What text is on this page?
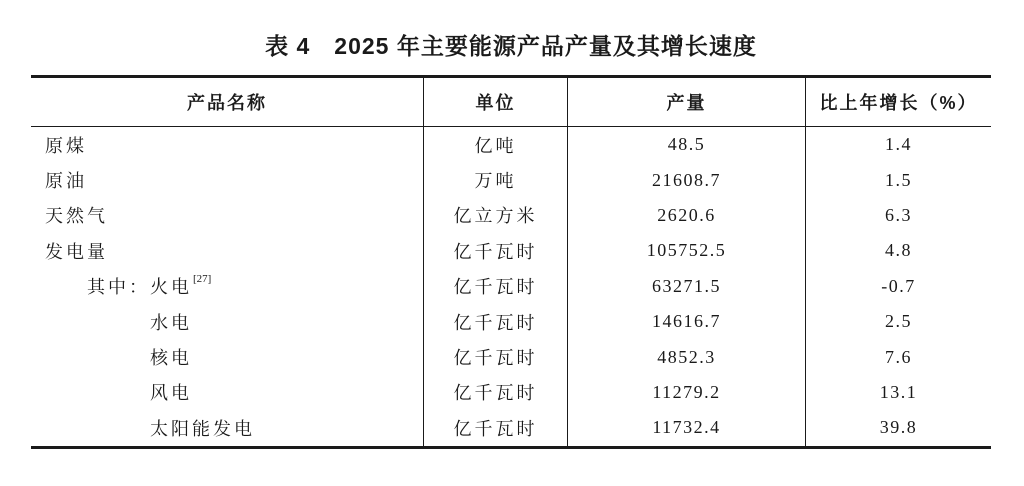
表 4　2025 年主要能源产品产量及其增长速度
产品名称	单位	产量	比上年增长（%）
原煤	亿吨	48.5	1.4
原油	万吨	21608.7	1.5
天然气	亿立方米	2620.6	6.3
发电量	亿千瓦时	105752.5	4.8
其中： 火电 [27]	亿千瓦时	63271.5	-0.7
水电	亿千瓦时	14616.7	2.5
核电	亿千瓦时	4852.3	7.6
风电	亿千瓦时	11279.2	13.1
太阳能发电	亿千瓦时	11732.4	39.8
